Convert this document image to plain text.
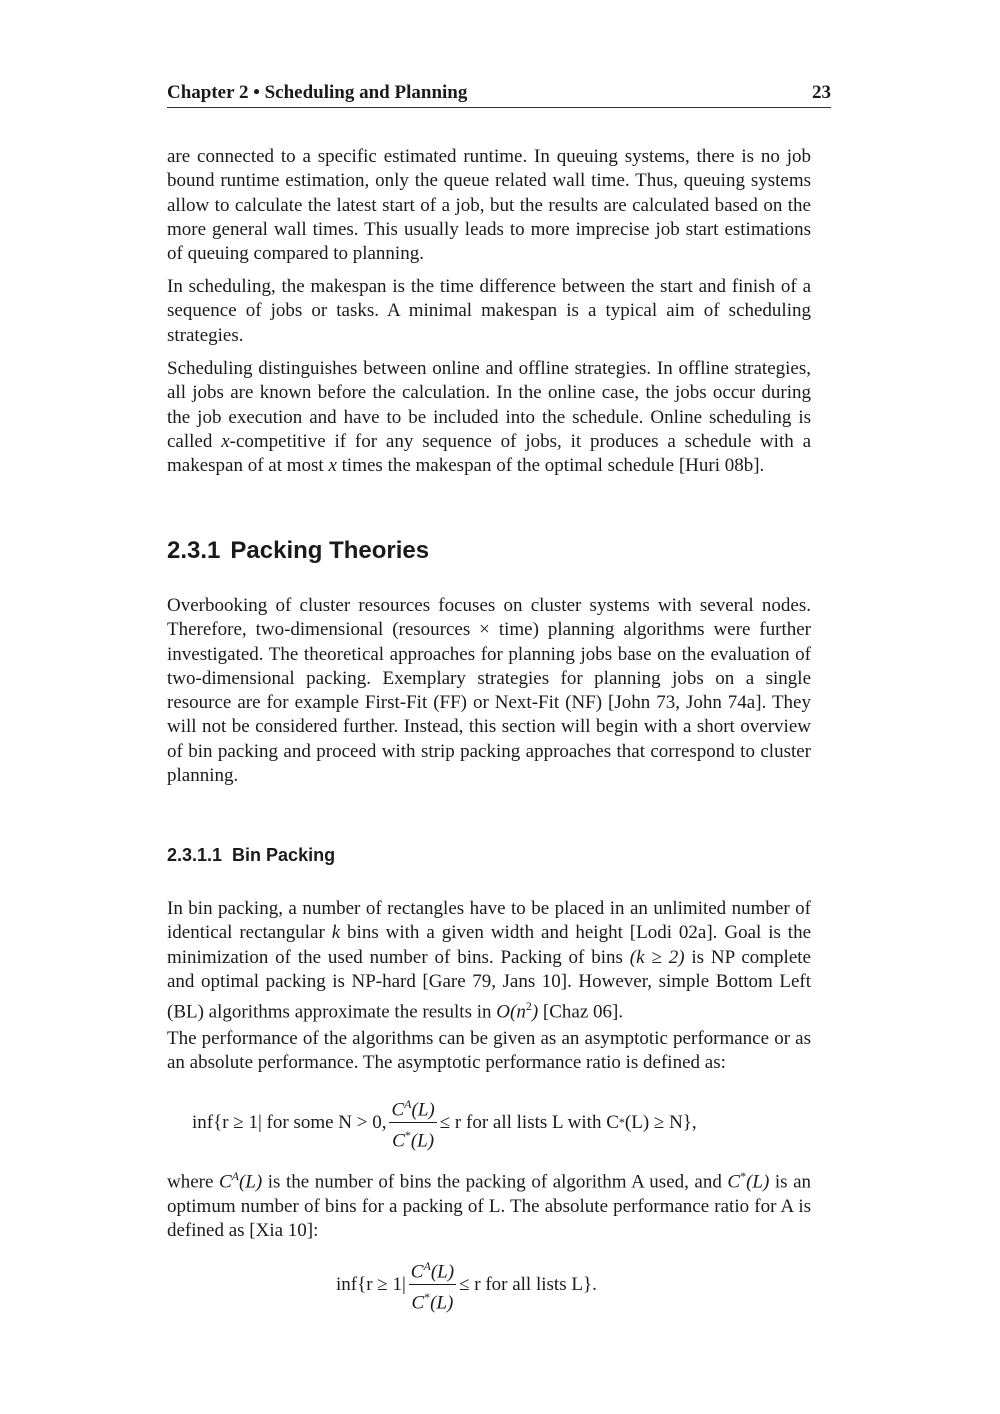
Chapter 2 • Scheduling and Planning	23

are connected to a specific estimated runtime. In queuing systems, there is no job bound runtime estimation, only the queue related wall time. Thus, queuing systems allow to calculate the latest start of a job, but the results are calculated based on the more general wall times. This usually leads to more imprecise job start estimations of queuing compared to planning.

In scheduling, the makespan is the time difference between the start and finish of a sequence of jobs or tasks. A minimal makespan is a typical aim of scheduling strategies.

Scheduling distinguishes between online and offline strategies. In offline strategies, all jobs are known before the calculation. In the online case, the jobs occur during the job execution and have to be included into the schedule. Online scheduling is called x-competitive if for any sequence of jobs, it produces a schedule with a makespan of at most x times the makespan of the optimal schedule [Huri 08b].

2.3.1 Packing Theories

Overbooking of cluster resources focuses on cluster systems with several nodes. Therefore, two-dimensional (resources × time) planning algorithms were further investigated. The theoretical approaches for planning jobs base on the evaluation of two-dimensional packing. Exemplary strategies for planning jobs on a single resource are for example First-Fit (FF) or Next-Fit (NF) [John 73, John 74a]. They will not be considered further. Instead, this section will begin with a short overview of bin packing and proceed with strip packing approaches that correspond to cluster planning.

2.3.1.1 Bin Packing

In bin packing, a number of rectangles have to be placed in an unlimited number of identical rectangular k bins with a given width and height [Lodi 02a]. Goal is the minimization of the used number of bins. Packing of bins (k ≥ 2) is NP complete and optimal packing is NP-hard [Gare 79, Jans 10]. However, simple Bottom Left (BL) algorithms approximate the results in $O(n^2)$ [Chaz 06].

The performance of the algorithms can be given as an asymptotic performance or as an absolute performance. The asymptotic performance ratio is defined as:

inf{r ≥ 1| for some N > 0, $\frac{C^A(L)}{C^*(L)} \le r$ for all lists L with C * (L) ≥ N},

where $C^A(L)$ is the number of bins the packing of algorithm A used, and C*(L) is an optimum number of bins for a packing of L. The absolute performance ratio for A is defined as [Xia 10]:

$inf\{r \ge 1| \frac{C^A(L)}{C^*(L)} \le r$ for all lists L}.
